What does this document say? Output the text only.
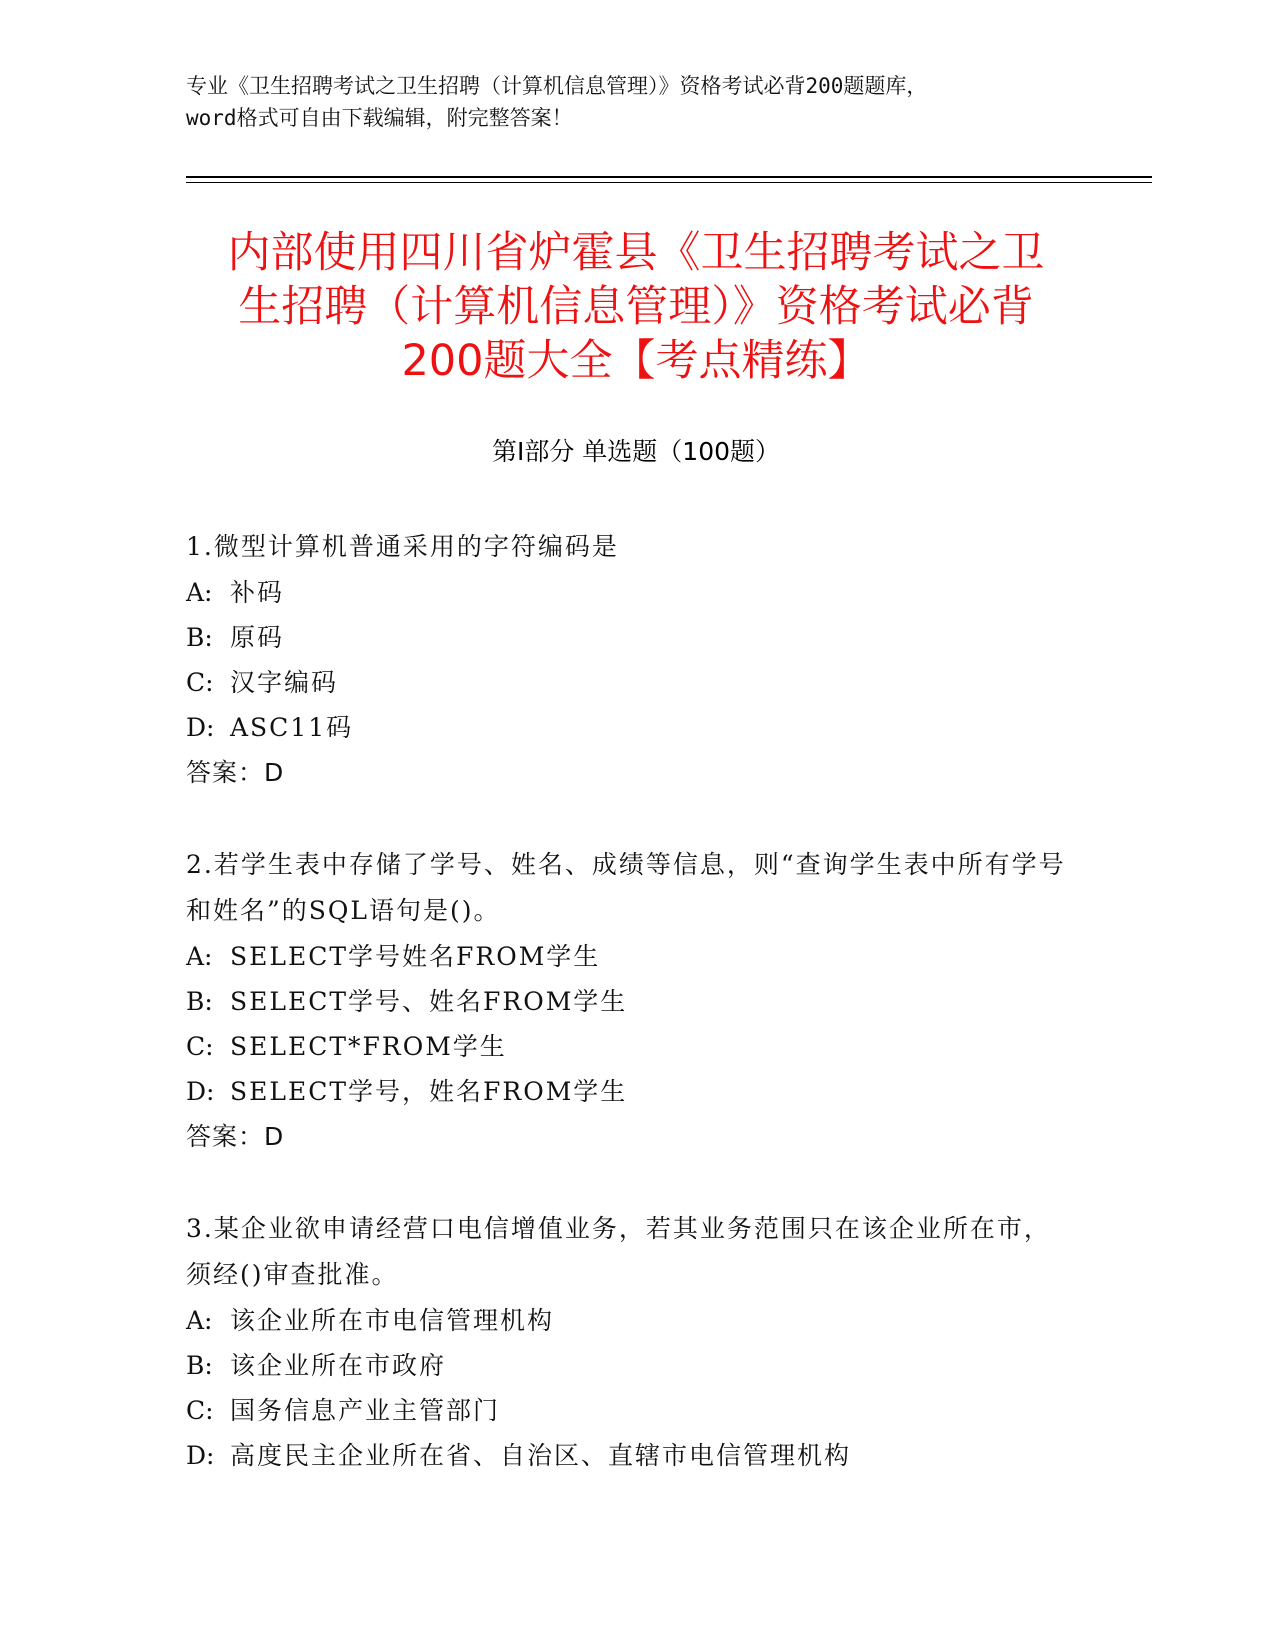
专业《卫生招聘考试之卫生招聘（计算机信息管理）》资格考试必背200题题库，
word格式可自由下载编辑，附完整答案！
内部使用四川省炉霍县《卫生招聘考试之卫
生招聘（计算机信息管理）》资格考试必背
200题大全【考点精练】
第Ⅰ部分 单选题（100题）
1.微型计算机普通采用的字符编码是
A: 补码
B: 原码
C: 汉字编码
D: ASC11码
答案：D
2.若学生表中存储了学号、姓名、成绩等信息，则“查询学生表中所有学号和姓名”的SQL语句是()。
A: SELECT学号姓名FROM学生
B: SELECT学号、姓名FROM学生
C: SELECT*FROM学生
D: SELECT学号，姓名FROM学生
答案：D
3.某企业欲申请经营口电信增值业务，若其业务范围只在该企业所在市，须经()审查批准。
A: 该企业所在市电信管理机构
B: 该企业所在市政府
C: 国务信息产业主管部门
D: 高度民主企业所在省、自治区、直辖市电信管理机构
